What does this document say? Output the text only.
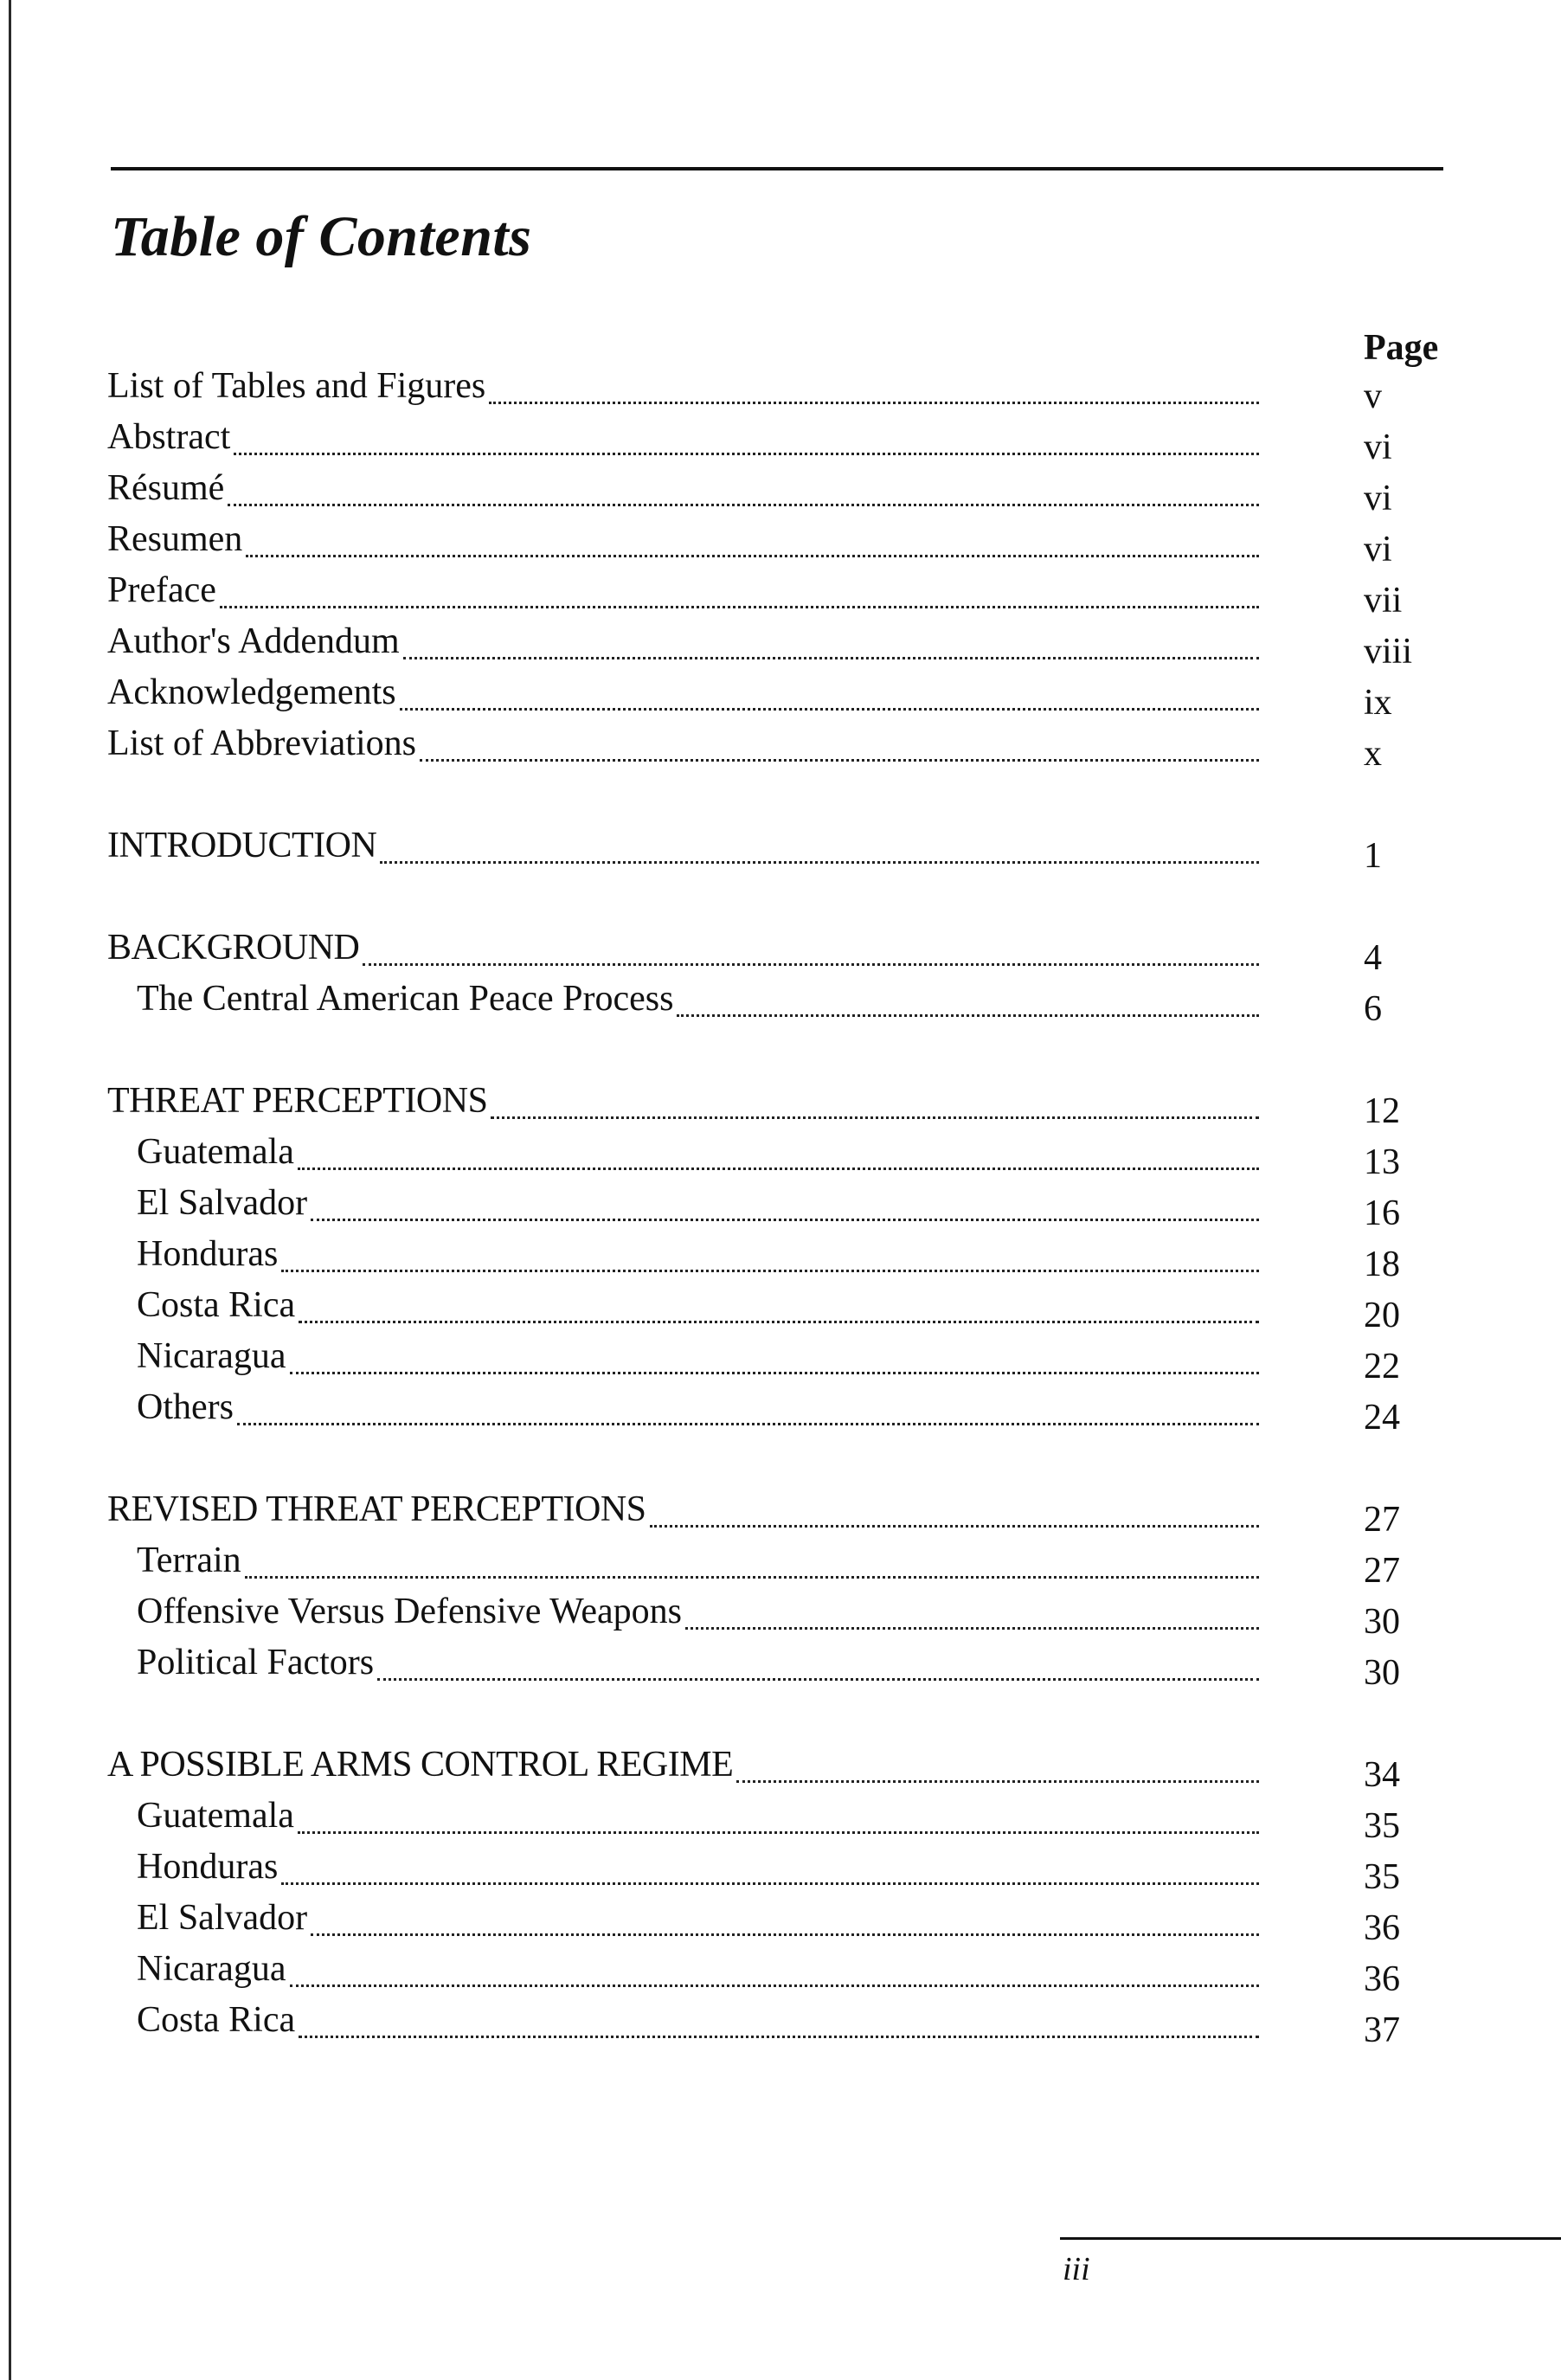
Table of Contents
Page
List of Tables and Figures	v
Abstract	vi
Résumé	vi
Resumen	vi
Preface	vii
Author's Addendum	viii
Acknowledgements	ix
List of Abbreviations	x
INTRODUCTION	1
BACKGROUND	4
The Central American Peace Process	6
THREAT PERCEPTIONS	12
Guatemala	13
El Salvador	16
Honduras	18
Costa Rica	20
Nicaragua	22
Others	24
REVISED THREAT PERCEPTIONS	27
Terrain	27
Offensive Versus Defensive Weapons	30
Political Factors	30
A POSSIBLE ARMS CONTROL REGIME	34
Guatemala	35
Honduras	35
El Salvador	36
Nicaragua	36
Costa Rica	37
iii
